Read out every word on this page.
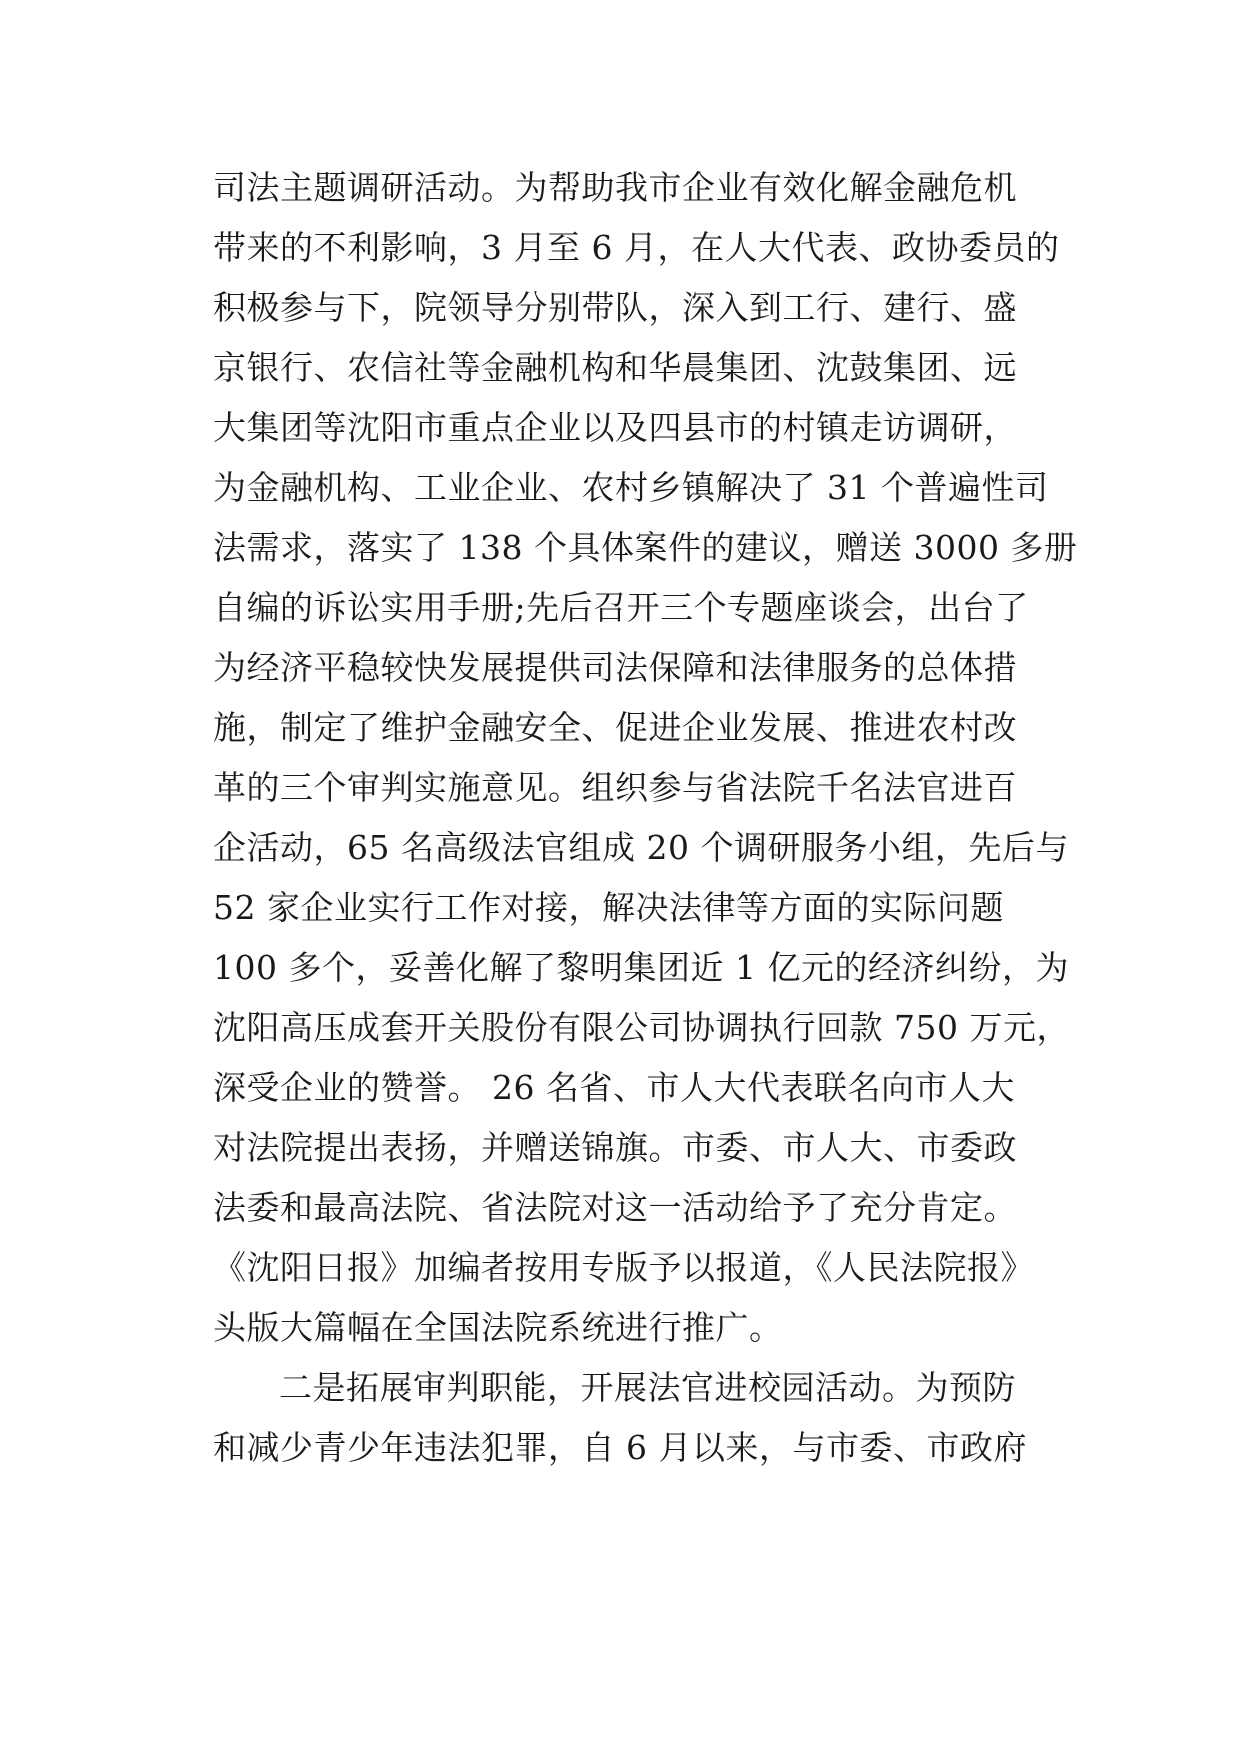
司法主题调研活动。为帮助我市企业有效化解金融危机
带来的不利影响，3 月至 6 月，在人大代表、政协委员的
积极参与下，院领导分别带队，深入到工行、建行、盛
京银行、农信社等金融机构和华晨集团、沈鼓集团、远
大集团等沈阳市重点企业以及四县市的村镇走访调研，
为金融机构、工业企业、农村乡镇解决了 31 个普遍性司
法需求，落实了 138 个具体案件的建议，赠送 3000 多册
自编的诉讼实用手册;先后召开三个专题座谈会，出台了
为经济平稳较快发展提供司法保障和法律服务的总体措
施，制定了维护金融安全、促进企业发展、推进农村改
革的三个审判实施意见。组织参与省法院千名法官进百
企活动，65 名高级法官组成 20 个调研服务小组，先后与
52 家企业实行工作对接，解决法律等方面的实际问题
100 多个，妥善化解了黎明集团近 1 亿元的经济纠纷，为
沈阳高压成套开关股份有限公司协调执行回款 750 万元，
深受企业的赞誉。 26 名省、市人大代表联名向市人大
对法院提出表扬，并赠送锦旗。市委、市人大、市委政
法委和最高法院、省法院对这一活动给予了充分肯定。
《沈阳日报》加编者按用专版予以报道，《人民法院报》
头版大篇幅在全国法院系统进行推广。
二是拓展审判职能，开展法官进校园活动。为预防
和减少青少年违法犯罪，自 6 月以来，与市委、市政府
